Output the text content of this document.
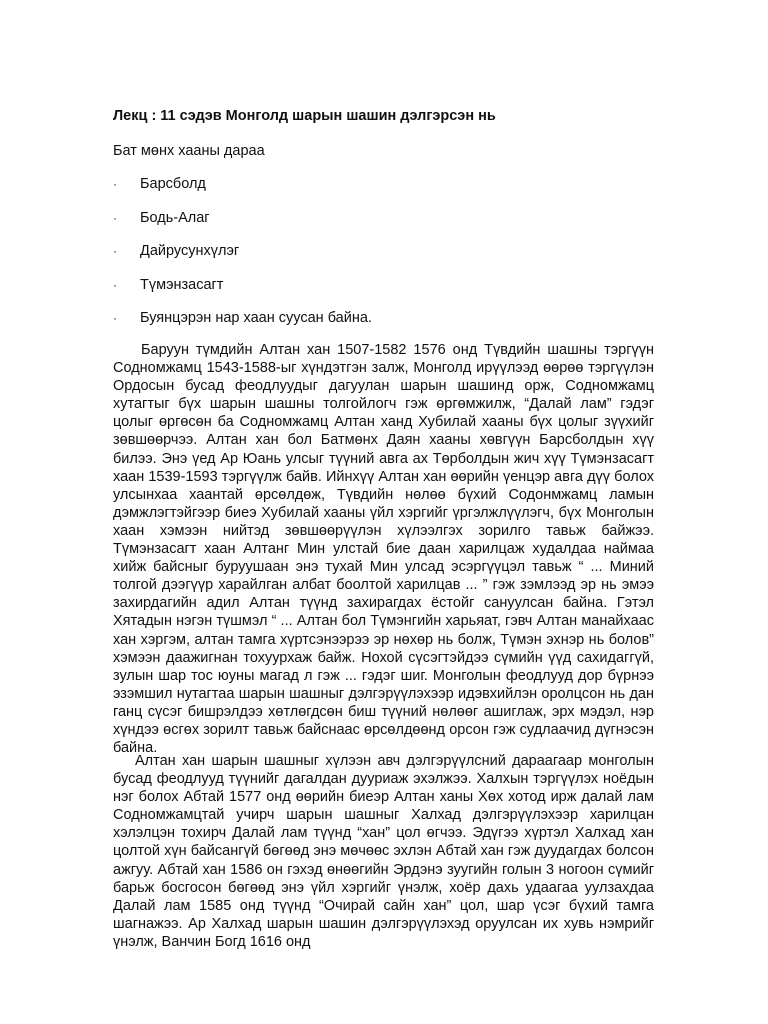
Лекц : 11 сэдэв Монголд шарын шашин дэлгэрсэн нь
Бат мөнх хааны дараа
·	Барсболд
·	Бодь-Алаг
·	Дайрусунхүлэг
·	Түмэнзасагт
·	Буянцэрэн нар хаан суусан байна.

Баруун түмдийн Алтан хан 1507-1582 1576 онд Түвдийн шашны тэргүүн Содномжамц 1543-1588-ыг хүндэтгэн залж, Монголд ирүүлээд өөрөө тэргүүлэн Ордосын бусад феодлуудыг дагуулан шарын шашинд орж, Содномжамц хутагтыг бүх шарын шашны толгойлогч гэж өргөмжилж, “Далай лам” гэдэг цолыг өргөсөн ба Содномжамц Алтан ханд Хубилай хааны бүх цолыг зүүхийг зөвшөөрчээ. Алтан хан бол Батмөнх Даян хааны хөвгүүн Барсболдын хүү билээ. Энэ үед Ар Юань улсыг түүний авга ах Төрболдын жич хүү Түмэнзасагт хаан 1539-1593 тэргүүлж байв. Ийнхүү Алтан хан өөрийн үенцэр авга дүү болох улсынхаа хаантай өрсөлдөж, Түвдийн нөлөө бүхий Содонмжамц ламын дэмжлэгтэйгээр биеэ Хубилай хааны үйл хэргийг үргэлжлүүлэгч, бүх Монголын хаан хэмээн нийтэд зөвшөөрүүлэн хүлээлгэх зорилго тавьж байжээ. Түмэнзасагт хаан Алтанг Мин улстай бие даан харилцаж худалдаа наймаа хийж байсныг буруушаан энэ тухай Мин улсад эсэргүүцэл тавьж “ ... Миний толгой дээгүүр харайлган албат боолтой харилцав ... ” гэж зэмлээд эр нь эмээ захирдагийн адил Алтан түүнд захирагдах ёстойг сануулсан байна. Гэтэл Хятадын нэгэн түшмэл “ ... Алтан бол Түмэнгийн харьяат, гэвч Алтан манайхаас хан хэргэм, алтан тамга хүртсэнээрээ эр нөхөр нь болж, Түмэн эхнэр нь болов” хэмээн даажигнан тохуурхаж байж. Нохой сүсэгтэйдээ сүмийн үүд сахидаггүй, зулын шар тос юуны магад л гэж ... гэдэг шиг. Монголын феодлууд дор бүрнээ эзэмшил нутагтаа шарын шашныг дэлгэрүүлэхээр идэвхийлэн оролцсон нь дан ганц сүсэг бишрэлдээ хөтлөгдсөн биш түүний нөлөөг ашиглаж, эрх мэдэл, нэр хүндээ өсгөх зорилт тавьж байснаас өрсөлдөөнд орсон гэж судлаачид дүгнэсэн байна.

Алтан хан шарын шашныг хүлээн авч дэлгэрүүлсний дараагаар монголын бусад феодлууд түүнийг дагалдан дууриаж эхэлжээ. Халхын тэргүүлэх ноёдын нэг болох Абтай 1577 онд өөрийн биеэр Алтан ханы Хөх хотод ирж далай лам Содномжамцтай учирч шарын шашныг Халхад дэлгэрүүлэхээр харилцан хэлэлцэн тохирч Далай лам түүнд “хан” цол өгчээ. Эдүгээ хүртэл Халхад хан цолтой хүн байсангүй бөгөөд энэ мөчөөс эхлэн Абтай хан гэж дуудагдах болсон ажгуу. Абтай хан 1586 он гэхэд өнөөгийн Эрдэнэ зуугийн голын 3 ногоон сүмийг барьж босгосон бөгөөд энэ үйл хэргийг үнэлж, хоёр дахь удаагаа уулзахдаа Далай лам 1585 онд түүнд “Очирай сайн хан” цол, шар үсэг бүхий тамга шагнажээ. Ар Халхад шарын шашин дэлгэрүүлэхэд оруулсан их хувь нэмрийг үнэлж, Ванчин Богд 1616 онд
